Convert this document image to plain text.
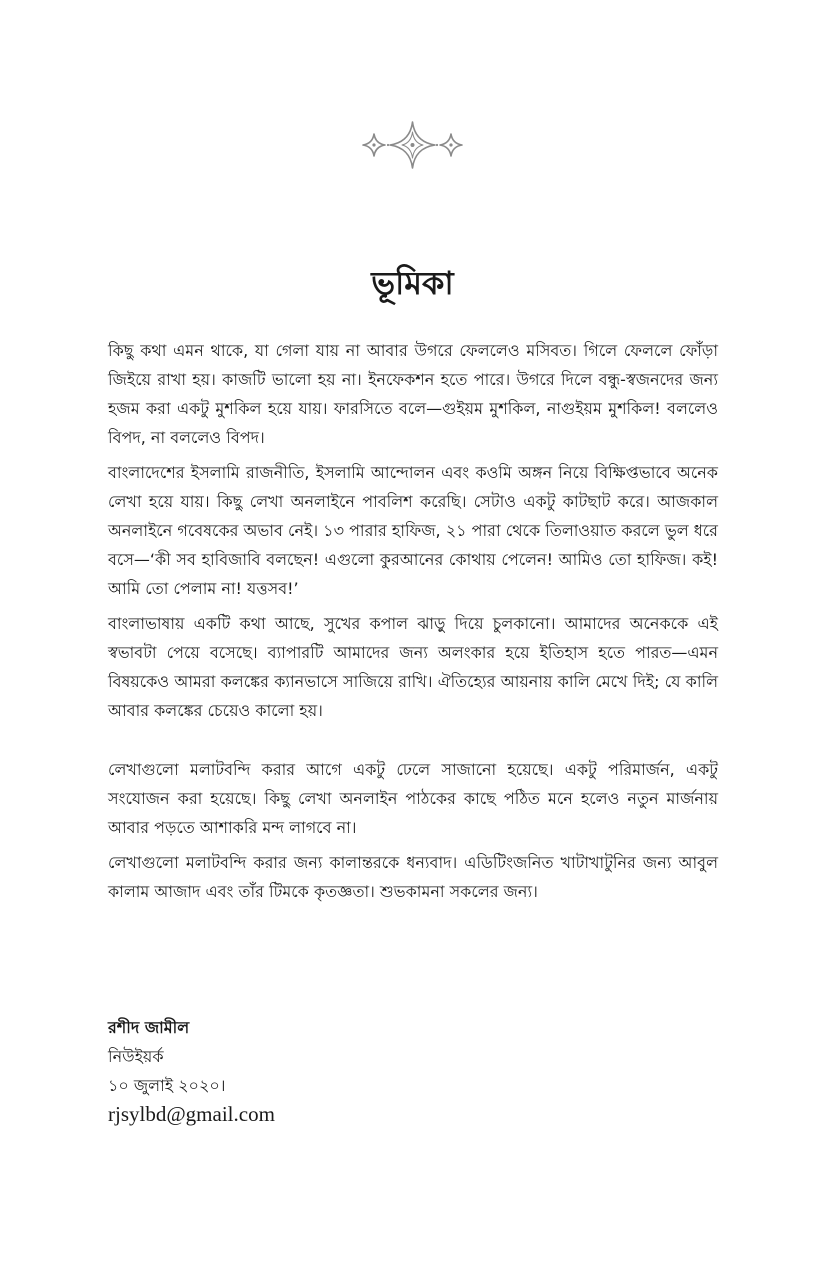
ভূমিকা

কিছু কথা এমন থাকে, যা গেলা যায় না আবার উগরে ফেললেও মসিবত। গিলে ফেললে ফোঁড়া জিইয়ে রাখা হয়। কাজটি ভালো হয় না। ইনফেকশন হতে পারে। উগরে দিলে বন্ধু-স্বজনদের জন্য হজম করা একটু মুশকিল হয়ে যায়। ফারসিতে বলে—গুইয়ম মুশকিল, নাগুইয়ম মুশকিল! বললেও বিপদ, না বললেও বিপদ।

বাংলাদেশের ইসলামি রাজনীতি, ইসলামি আন্দোলন এবং কওমি অঙ্গন নিয়ে বিক্ষিপ্তভাবে অনেক লেখা হয়ে যায়। কিছু লেখা অনলাইনে পাবলিশ করেছি। সেটাও একটু কাটছাট করে। আজকাল অনলাইনে গবেষকের অভাব নেই। ১৩ পারার হাফিজ, ২১ পারা থেকে তিলাওয়াত করলে ভুল ধরে বসে—‘কী সব হাবিজাবি বলছেন! এগুলো কুরআনের কোথায় পেলেন! আমিও তো হাফিজ। কই! আমি তো পেলাম না! যত্তসব!’

বাংলাভাষায় একটি কথা আছে, সুখের কপাল ঝাড়ু দিয়ে চুলকানো। আমাদের অনেককে এই স্বভাবটা পেয়ে বসেছে। ব্যাপারটি আমাদের জন্য অলংকার হয়ে ইতিহাস হতে পারত—এমন বিষয়কেও আমরা কলঙ্কের ক্যানভাসে সাজিয়ে রাখি। ঐতিহ্যের আয়নায় কালি মেখে দিই; যে কালি আবার কলঙ্কের চেয়েও কালো হয়।

লেখাগুলো মলাটবন্দি করার আগে একটু ঢেলে সাজানো হয়েছে। একটু পরিমার্জন, একটু সংযোজন করা হয়েছে। কিছু লেখা অনলাইন পাঠকের কাছে পঠিত মনে হলেও নতুন মার্জনায় আবার পড়তে আশাকরি মন্দ লাগবে না।

লেখাগুলো মলাটবন্দি করার জন্য কালান্তরকে ধন্যবাদ। এডিটিংজনিত খাটাখাটুনির জন্য আবুল কালাম আজাদ এবং তাঁর টিমকে কৃতজ্ঞতা। শুভকামনা সকলের জন্য।

রশীদ জামীল
নিউইয়র্ক
১০ জুলাই ২০২০।
rjsylbd@gmail.com
